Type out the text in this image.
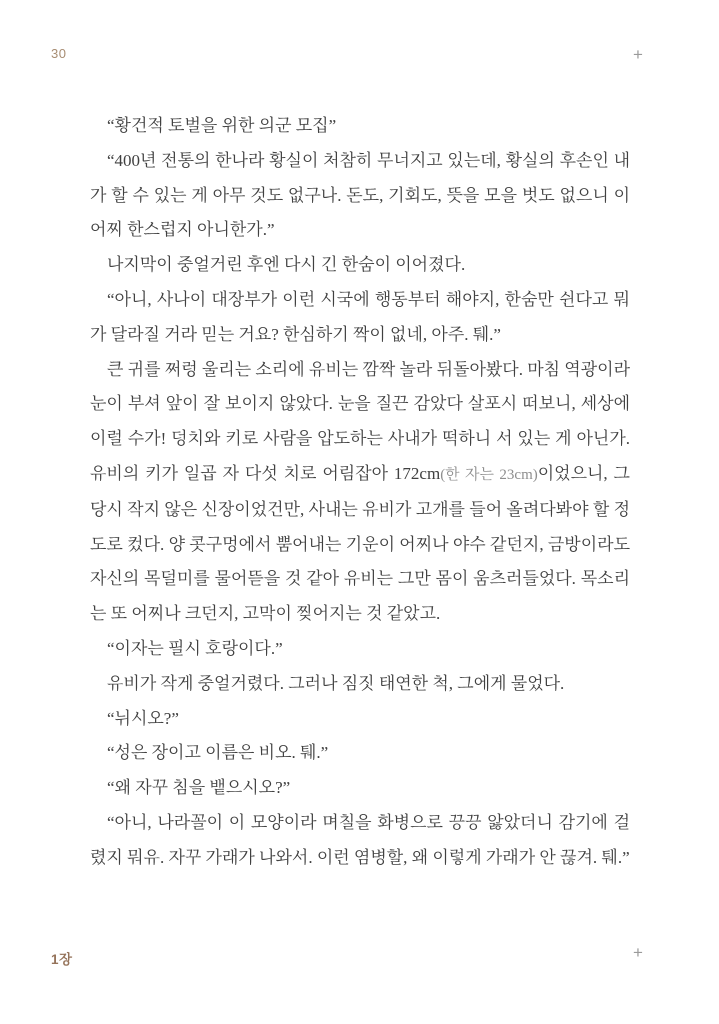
30	+

“황건적 토벌을 위한 의군 모집”

“400년 전통의 한나라 황실이 처참히 무너지고 있는데, 황실의 후손인 내가 할 수 있는 게 아무 것도 없구나. 돈도, 기회도, 뜻을 모을 벗도 없으니 이 어찌 한스럽지 아니한가.”

나지막이 중얼거린 후엔 다시 긴 한숨이 이어졌다.

“아니, 사나이 대장부가 이런 시국에 행동부터 해야지, 한숨만 쉰다고 뭐가 달라질 거라 믿는 거요? 한심하기 짝이 없네, 아주. 퉤.”

큰 귀를 쩌렁 울리는 소리에 유비는 깜짝 놀라 뒤돌아봤다. 마침 역광이라 눈이 부셔 앞이 잘 보이지 않았다. 눈을 질끈 감았다 살포시 떠보니, 세상에 이럴 수가! 덩치와 키로 사람을 압도하는 사내가 떡하니 서 있는 게 아닌가. 유비의 키가 일곱 자 다섯 치로 어림잡아 172cm(한 자는 23cm)이었으니, 그 당시 작지 않은 신장이었건만, 사내는 유비가 고개를 들어 올려다봐야 할 정도로 컸다. 양 콧구멍에서 뿜어내는 기운이 어찌나 야수 같던지, 금방이라도 자신의 목덜미를 물어뜯을 것 같아 유비는 그만 몸이 움츠러들었다. 목소리는 또 어찌나 크던지, 고막이 찢어지는 것 같았고.

“이자는 필시 호랑이다.”

유비가 작게 중얼거렸다. 그러나 짐짓 태연한 척, 그에게 물었다.

“뉘시오?”

“성은 장이고 이름은 비오. 퉤.”

“왜 자꾸 침을 뱉으시오?”

“아니, 나라꼴이 이 모양이라 며칠을 화병으로 끙끙 앓았더니 감기에 걸렸지 뭐유. 자꾸 가래가 나와서. 이런 염병할, 왜 이렇게 가래가 안 끊겨. 퉤.”

1장	+
